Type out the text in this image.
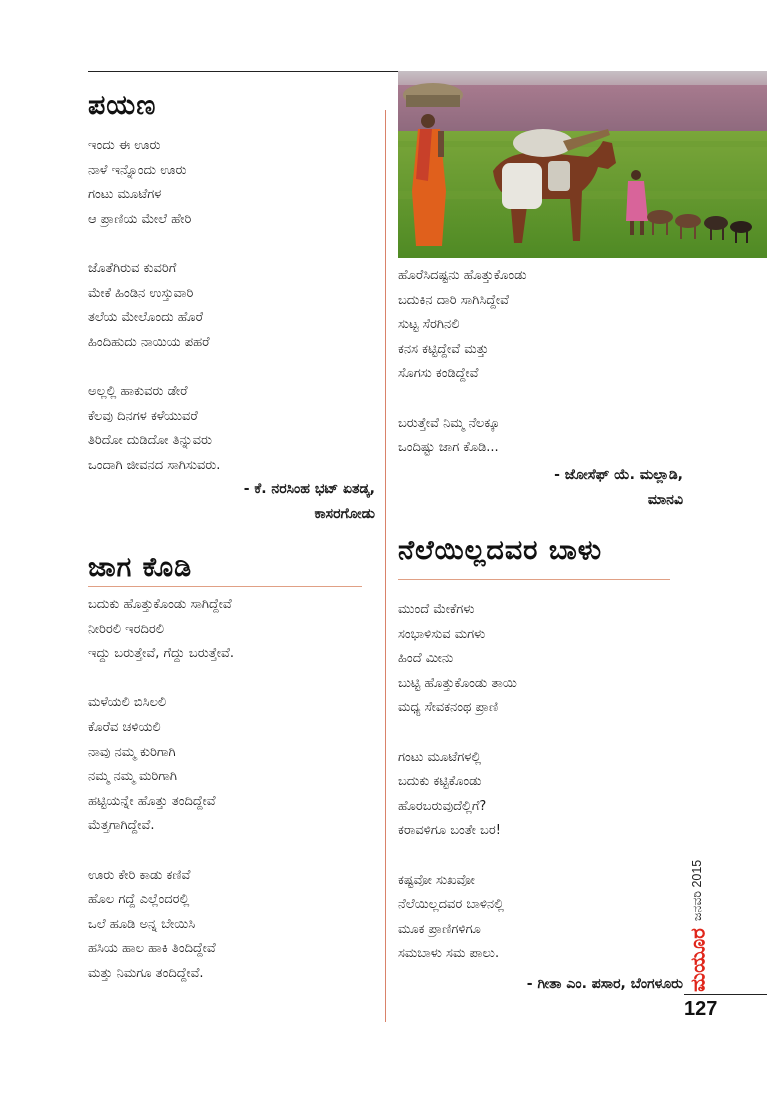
ಪಯಣ
ಇಂದು ಈ ಊರು
ನಾಳೆ ಇನ್ನೊಂದು ಊರು
ಗಂಟು ಮೂಟೆಗಳ
ಆ ಪ್ರಾಣಿಯ ಮೇಲೆ ಹೇರಿ
ಜೊತೆಗಿರುವ ಕುವರಿಗೆ
ಮೇಕೆ ಹಿಂಡಿನ ಉಸ್ತುವಾರಿ
ತಲೆಯ ಮೇಲೊಂದು ಹೊರೆ
ಹಿಂದಿಹುದು ನಾಯಿಯ ಪಹರೆ
ಅಲ್ಲಲ್ಲಿ ಹಾಕುವರು ಡೇರೆ
ಕೆಲವು ದಿನಗಳ ಕಳೆಯುವರೆ
ತಿರಿದೋ ದುಡಿದೋ ತಿನ್ನುವರು
ಒಂದಾಗಿ ಜೀವನದ ಸಾಗಿಸುವರು.
- ಕೆ. ನರಸಿಂಹ ಭಟ್ ಏತಡ್ಕ,
ಕಾಸರಗೋಡು
ಜಾಗ ಕೊಡಿ
ಬದುಕು ಹೊತ್ತುಕೊಂಡು ಸಾಗಿದ್ದೇವೆ
ನೀರಿರಲಿ ಇರದಿರಲಿ
ಇದ್ದು ಬರುತ್ತೇವೆ, ಗೆದ್ದು ಬರುತ್ತೇವೆ.
ಮಳೆಯಲಿ ಬಿಸಿಲಲಿ
ಕೊರೆವ ಚಳಿಯಲಿ
ನಾವು ನಮ್ಮ ಕುರಿಗಾಗಿ
ನಮ್ಮ ನಮ್ಮ ಮರಿಗಾಗಿ
ಹಟ್ಟಿಯನ್ನೇ ಹೊತ್ತು ತಂದಿದ್ದೇವೆ
ಮೆತ್ತಗಾಗಿದ್ದೇವೆ.
ಊರು ಕೇರಿ ಕಾಡು ಕಣಿವೆ
ಹೊಲ ಗದ್ದೆ ಎಲ್ಲೆಂದರಲ್ಲಿ
ಒಲೆ ಹೂಡಿ ಅನ್ನ ಬೇಯಿಸಿ
ಹಸಿಯ ಹಾಲ ಹಾಕಿ ತಿಂದಿದ್ದೇವೆ
ಮತ್ತು ನಿಮಗೂ ತಂದಿದ್ದೇವೆ.
ಹೊರೆಸಿದಷ್ಟನು ಹೊತ್ತುಕೊಂಡು
ಬದುಕಿನ ದಾರಿ ಸಾಗಿಸಿದ್ದೇವೆ
ಸುಟ್ಟ ಸೆರಗಿನಲಿ
ಕನಸ ಕಟ್ಟಿದ್ದೇವೆ ಮತ್ತು
ಸೊಗಸು ಕಂಡಿದ್ದೇವೆ
ಬರುತ್ತೇವೆ ನಿಮ್ಮ ನೆಲಕ್ಕೂ
ಒಂದಿಷ್ಟು ಜಾಗ ಕೊಡಿ...
- ಜೋಸೆಫ್ ಯೆ. ಮಲ್ಲಾಡಿ,
ಮಾನವಿ
ನೆಲೆಯಿಲ್ಲದವರ ಬಾಳು
ಮುಂದೆ ಮೇಕೆಗಳು
ಸಂಭಾಳಿಸುವ ಮಗಳು
ಹಿಂದೆ ಮೀನು
ಬುಟ್ಟಿ ಹೊತ್ತುಕೊಂಡು ತಾಯಿ
ಮಧ್ಯ ಸೇವಕನಂಥ ಪ್ರಾಣಿ
ಗಂಟು ಮೂಟೆಗಳಲ್ಲಿ
ಬದುಕು ಕಟ್ಟಿಕೊಂಡು
ಹೊರಬರುವುದೆಲ್ಲಿಗೆ?
ಕರಾವಳಿಗೂ ಬಂತೇ ಬರ!
ಕಷ್ಟವೋ ಸುಖವೋ
ನೆಲೆಯಿಲ್ಲದವರ ಬಾಳಿನಲ್ಲಿ
ಮೂಕ ಪ್ರಾಣಿಗಳಿಗೂ
ಸಮಬಾಳು ಸಮ ಪಾಲು.
- ಗೀತಾ ಎಂ. ಪಸಾರ, ಬೆಂಗಳೂರು
ಜನವರಿ 2015
ಮಯೂರ
127
